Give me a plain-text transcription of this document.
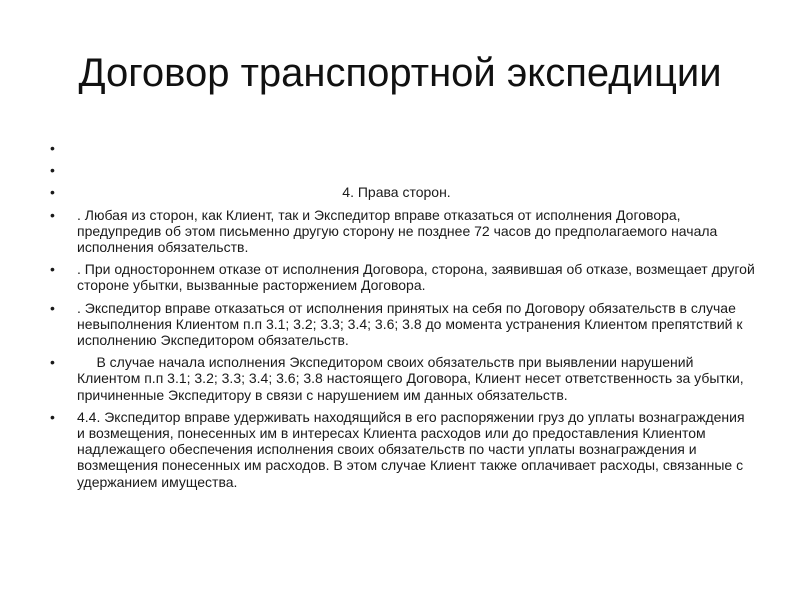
Договор транспортной экспедиции
•
•
•	4. Права сторон.
• . Любая из сторон, как Клиент, так и Экспедитор вправе отказаться от исполнения Договора, предупредив об этом письменно другую сторону не позднее 72 часов до предполагаемого начала исполнения обязательств.
• . При одностороннем отказе от исполнения Договора, сторона, заявившая об отказе, возмещает другой стороне убытки, вызванные расторжением Договора.
• . Экспедитор вправе отказаться от исполнения принятых на себя по Договору обязательств в случае невыполнения Клиентом п.п 3.1; 3.2; 3.3; 3.4; 3.6; 3.8 до момента устранения Клиентом препятствий к исполнению Экспедитором обязательств.
• В случае начала исполнения Экспедитором своих обязательств при выявлении нарушений Клиентом п.п 3.1; 3.2; 3.3; 3.4; 3.6; 3.8 настоящего Договора, Клиент несет ответственность за убытки, причиненные Экспедитору в связи с нарушением им данных обязательств.
• 4.4. Экспедитор вправе удерживать находящийся в его распоряжении груз до уплаты вознаграждения и возмещения, понесенных им в интересах Клиента расходов или до предоставления Клиентом надлежащего обеспечения исполнения своих обязательств по части уплаты вознаграждения и возмещения понесенных им расходов. В этом случае Клиент также оплачивает расходы, связанные с удержанием имущества.
